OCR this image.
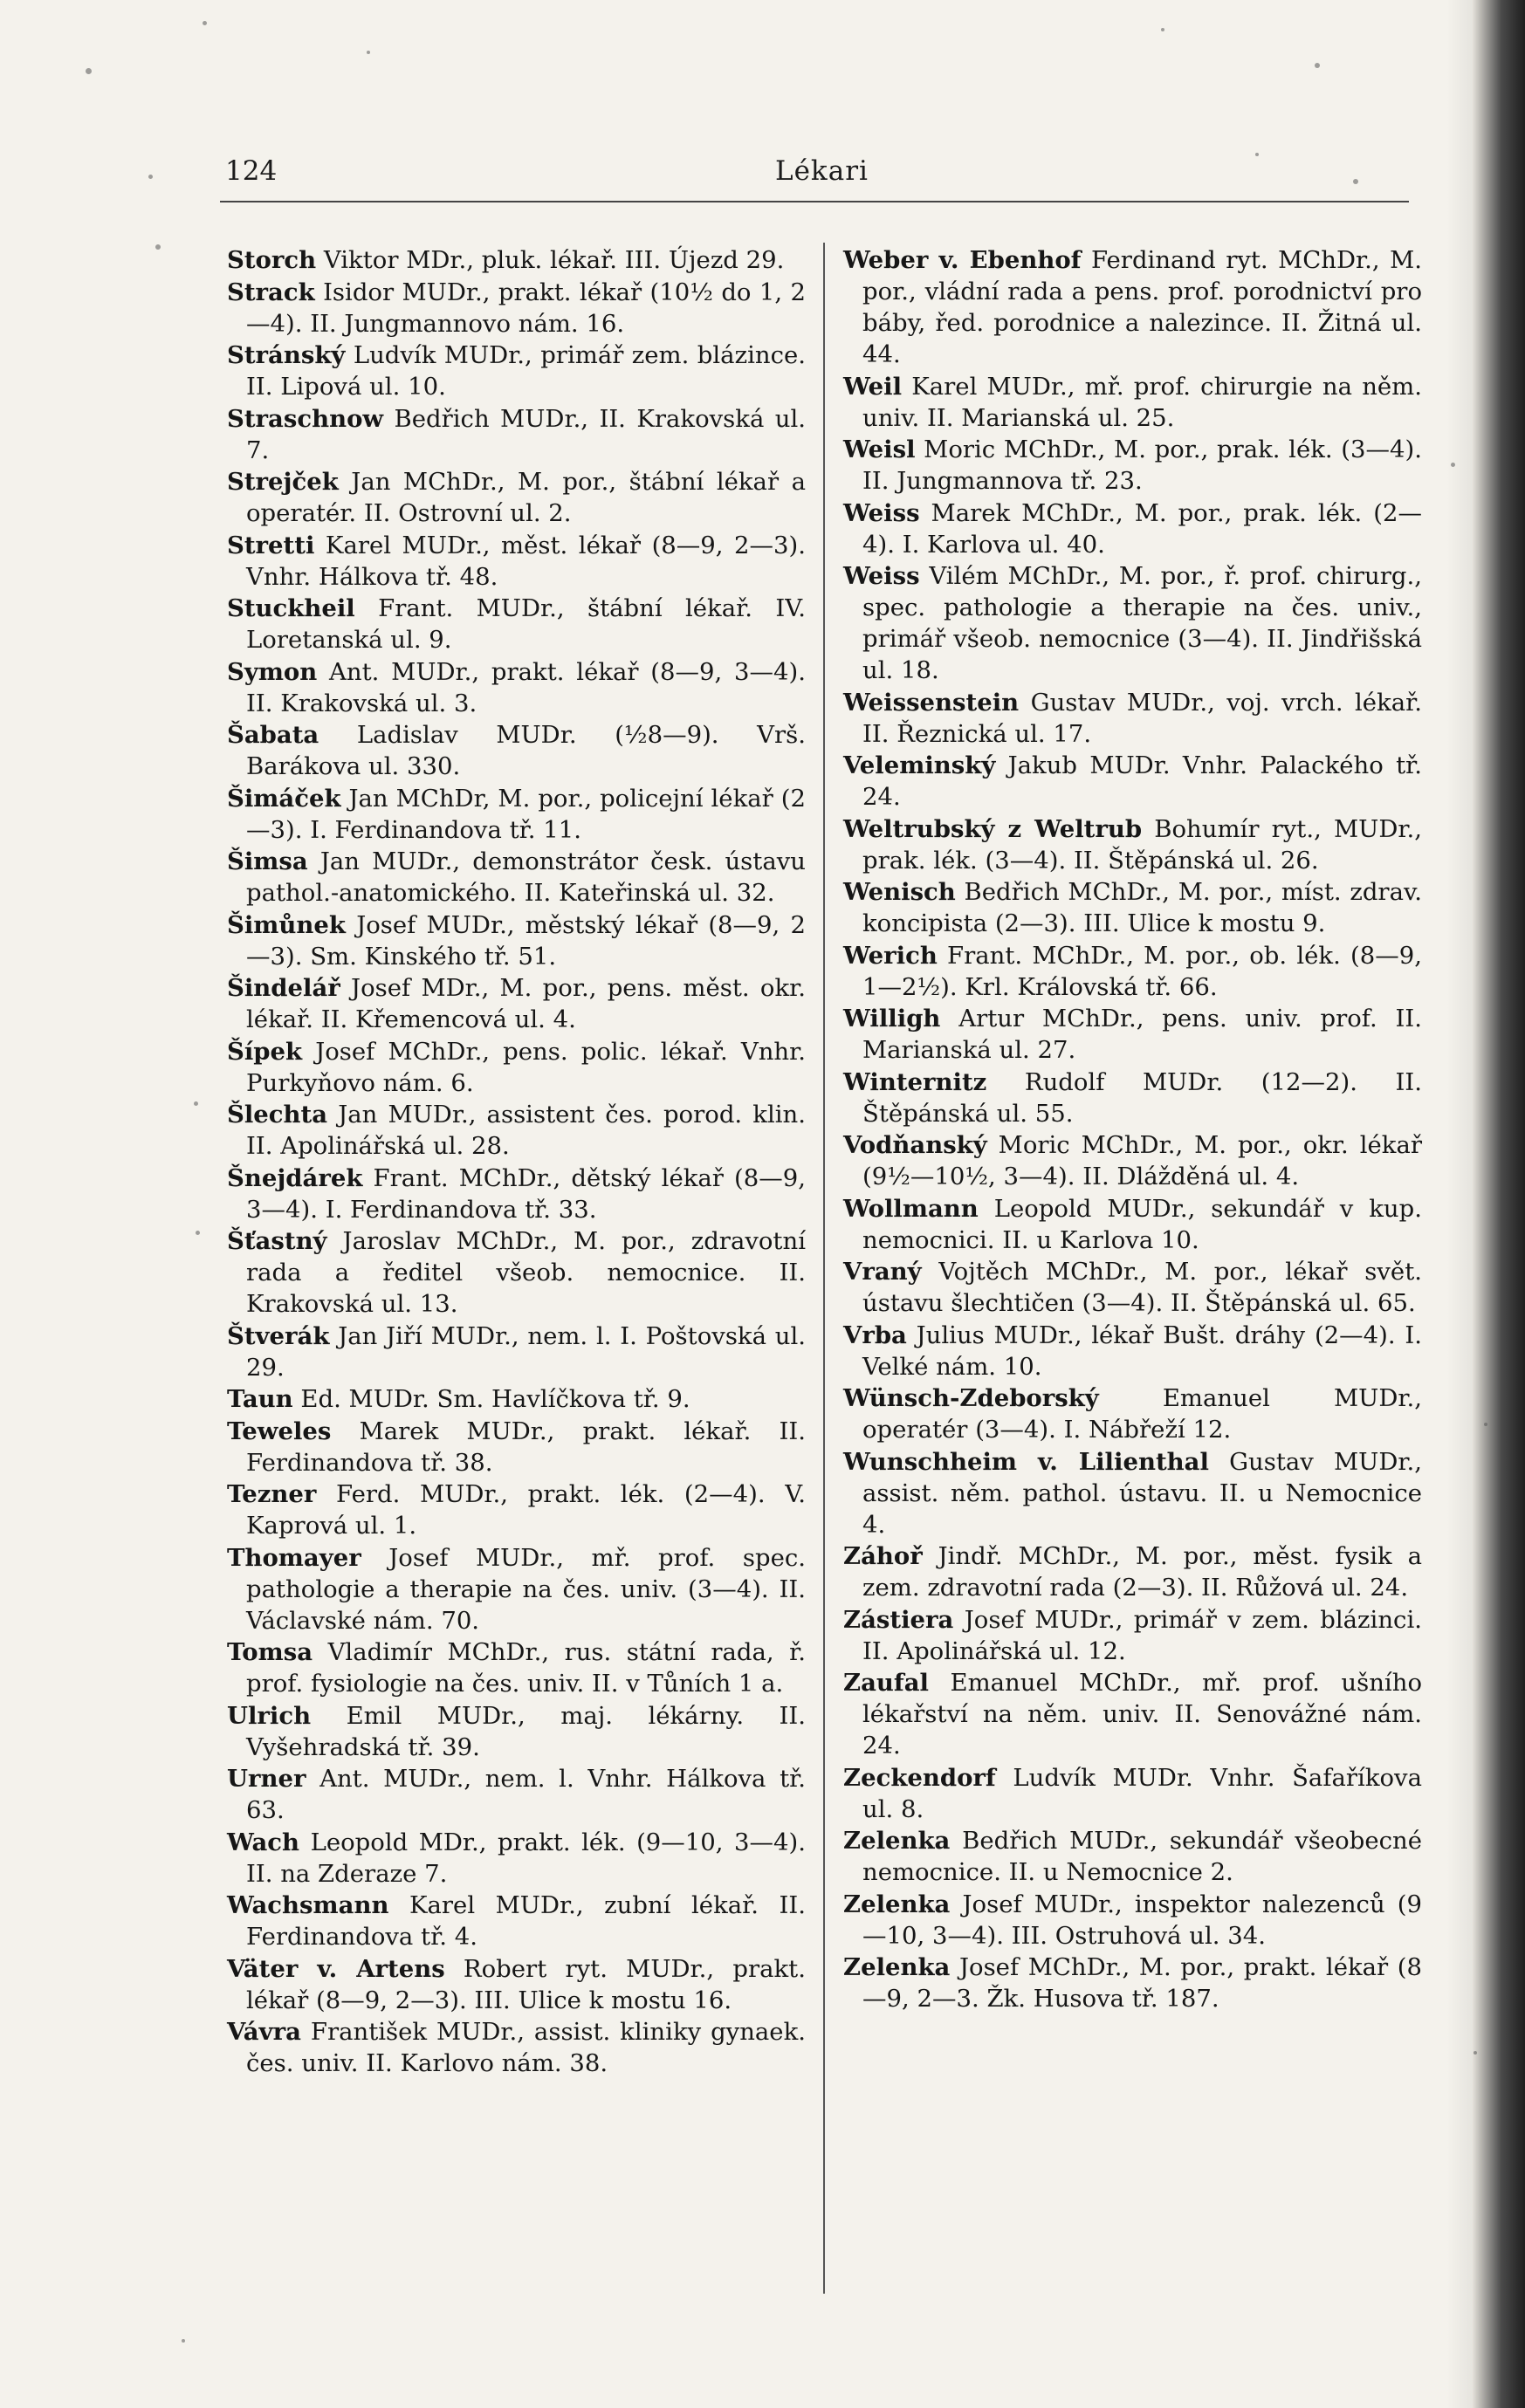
124	Lékari

Storch Viktor MDr., pluk. lékař. III. Újezd 29.

Strack Isidor MUDr., prakt. lékař (10½ do 1, 2—4). II. Jungmannovo nám. 16.

Stránský Ludvík MUDr., primář zem. blázince. II. Lipová ul. 10.

Straschnow Bedřich MUDr., II. Krakovská ul. 7.

Strejček Jan MChDr., M. por., štábní lékař a operatér. II. Ostrovní ul. 2.

Stretti Karel MUDr., měst. lékař (8—9, 2—3). Vnhr. Hálkova tř. 48.

Stuckheil Frant. MUDr., štábní lékař. IV. Loretanská ul. 9.

Symon Ant. MUDr., prakt. lékař (8—9, 3—4). II. Krakovská ul. 3.

Šabata Ladislav MUDr. (½8—9). Vrš. Barákova ul. 330.

Šimáček Jan MChDr, M. por., policejní lékař (2—3). I. Ferdinandova tř. 11.

Šimsa Jan MUDr., demonstrátor česk. ústavu pathol.-anatomického. II. Kateřinská ul. 32.

Šimůnek Josef MUDr., městský lékař (8—9, 2—3). Sm. Kinského tř. 51.

Šindelář Josef MDr., M. por., pens. měst. okr. lékař. II. Křemencová ul. 4.

Šípek Josef MChDr., pens. polic. lékař. Vnhr. Purkyňovo nám. 6.

Šlechta Jan MUDr., assistent čes. porod. klin. II. Apolinářská ul. 28.

Šnejdárek Frant. MChDr., dětský lékař (8—9, 3—4). I. Ferdinandova tř. 33.

Šťastný Jaroslav MChDr., M. por., zdravotní rada a ředitel všeob. nemocnice. II. Krakovská ul. 13.

Štverák Jan Jiří MUDr., nem. l. I. Poštovská ul. 29.

Taun Ed. MUDr. Sm. Havlíčkova tř. 9.

Teweles Marek MUDr., prakt. lékař. II. Ferdinandova tř. 38.

Tezner Ferd. MUDr., prakt. lék. (2—4). V. Kaprová ul. 1.

Thomayer Josef MUDr., mř. prof. spec. pathologie a therapie na čes. univ. (3—4). II. Václavské nám. 70.

Tomsa Vladimír MChDr., rus. státní rada, ř. prof. fysiologie na čes. univ. II. v Tůních 1 a.

Ulrich Emil MUDr., maj. lékárny. II. Vyšehradská tř. 39.

Urner Ant. MUDr., nem. l. Vnhr. Hálkova tř. 63.

Wach Leopold MDr., prakt. lék. (9—10, 3—4). II. na Zderaze 7.

Wachsmann Karel MUDr., zubní lékař. II. Ferdinandova tř. 4.

Väter v. Artens Robert ryt. MUDr., prakt. lékař (8—9, 2—3). III. Ulice k mostu 16.

Vávra František MUDr., assist. kliniky gynaek. čes. univ. II. Karlovo nám. 38.

Weber v. Ebenhof Ferdinand ryt. MChDr., M. por., vládní rada a pens. prof. porodnictví pro báby, řed. porodnice a nalezince. II. Žitná ul. 44.

Weil Karel MUDr., mř. prof. chirurgie na něm. univ. II. Marianská ul. 25.

Weisl Moric MChDr., M. por., prak. lék. (3—4). II. Jungmannova tř. 23.

Weiss Marek MChDr., M. por., prak. lék. (2—4). I. Karlova ul. 40.

Weiss Vilém MChDr., M. por., ř. prof. chirurg., spec. pathologie a therapie na čes. univ., primář všeob. nemocnice (3—4). II. Jindřišská ul. 18.

Weissenstein Gustav MUDr., voj. vrch. lékař. II. Řeznická ul. 17.

Veleminský Jakub MUDr. Vnhr. Palackého tř. 24.

Weltrubský z Weltrub Bohumír ryt., MUDr., prak. lék. (3—4). II. Štěpánská ul. 26.

Wenisch Bedřich MChDr., M. por., míst. zdrav. koncipista (2—3). III. Ulice k mostu 9.

Werich Frant. MChDr., M. por., ob. lék. (8—9, 1—2½). Krl. Královská tř. 66.

Willigh Artur MChDr., pens. univ. prof. II. Marianská ul. 27.

Winternitz Rudolf MUDr. (12—2). II. Štěpánská ul. 55.

Vodňanský Moric MChDr., M. por., okr. lékař (9½—10½, 3—4). II. Dlážděná ul. 4.

Wollmann Leopold MUDr., sekundář v kup. nemocnici. II. u Karlova 10.

Vraný Vojtěch MChDr., M. por., lékař svět. ústavu šlechtičen (3—4). II. Štěpánská ul. 65.

Vrba Julius MUDr., lékař Bušt. dráhy (2—4). I. Velké nám. 10.

Wünsch-Zdeborský	Emanuel MUDr., operatér (3—4). I. Nábřeží 12.

Wunschheim v. Lilienthal Gustav MUDr., assist. něm. pathol. ústavu. II. u Nemocnice 4.

Záhoř Jindř. MChDr., M. por., měst. fysik a zem. zdravotní rada (2—3). II. Růžová ul. 24.

Zástiera Josef MUDr., primář v zem. blázinci. II. Apolinářská ul. 12.

Zaufal Emanuel MChDr., mř. prof. ušního lékařství na něm. univ. II. Senovážné nám. 24.

Zeckendorf Ludvík MUDr. Vnhr. Šafaříkova ul. 8.

Zelenka Bedřich MUDr., sekundář všeobecné nemocnice. II. u Nemocnice 2.

Zelenka Josef MUDr., inspektor nalezenců (9—10, 3—4). III. Ostruhová ul. 34.

Zelenka Josef MChDr., M. por., prakt. lékař (8—9, 2—3. Žk. Husova tř. 187.
